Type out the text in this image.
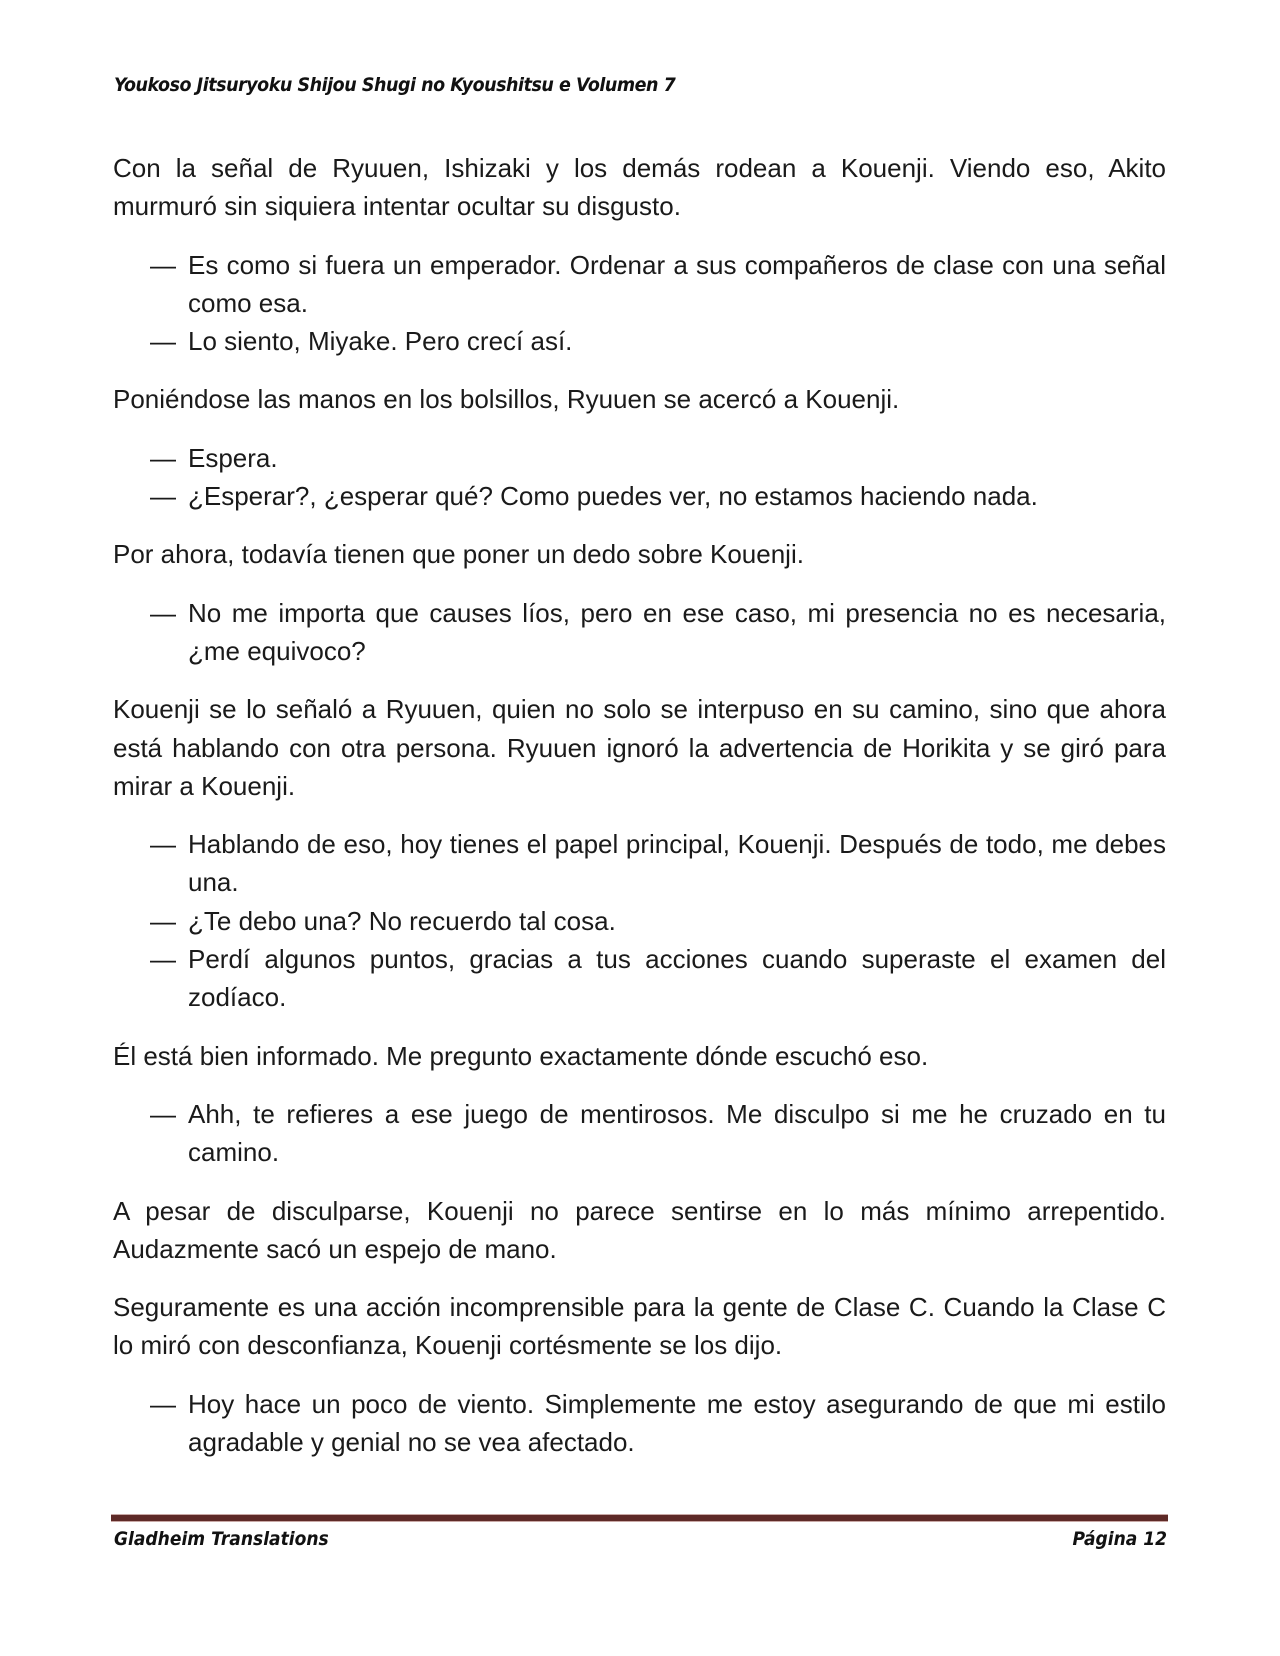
Youkoso Jitsuryoku Shijou Shugi no Kyoushitsu e Volumen 7

Con la señal de Ryuuen, Ishizaki y los demás rodean a Kouenji. Viendo eso, Akito murmuró sin siquiera intentar ocultar su disgusto.

— Es como si fuera un emperador. Ordenar a sus compañeros de clase con una señal como esa.
— Lo siento, Miyake. Pero crecí así.

Poniéndose las manos en los bolsillos, Ryuuen se acercó a Kouenji.

— Espera.
— ¿Esperar?, ¿esperar qué? Como puedes ver, no estamos haciendo nada.

Por ahora, todavía tienen que poner un dedo sobre Kouenji.

— No me importa que causes líos, pero en ese caso, mi presencia no es necesaria, ¿me equivoco?

Kouenji se lo señaló a Ryuuen, quien no solo se interpuso en su camino, sino que ahora está hablando con otra persona. Ryuuen ignoró la advertencia de Horikita y se giró para mirar a Kouenji.

— Hablando de eso, hoy tienes el papel principal, Kouenji. Después de todo, me debes una.
— ¿Te debo una? No recuerdo tal cosa.
— Perdí algunos puntos, gracias a tus acciones cuando superaste el examen del zodíaco.

Él está bien informado. Me pregunto exactamente dónde escuchó eso.

— Ahh, te refieres a ese juego de mentirosos. Me disculpo si me he cruzado en tu camino.

A pesar de disculparse, Kouenji no parece sentirse en lo más mínimo arrepentido. Audazmente sacó un espejo de mano.

Seguramente es una acción incomprensible para la gente de Clase C. Cuando la Clase C lo miró con desconfianza, Kouenji cortésmente se los dijo.

— Hoy hace un poco de viento. Simplemente me estoy asegurando de que mi estilo agradable y genial no se vea afectado.
Gladheim Translations	Página 12
